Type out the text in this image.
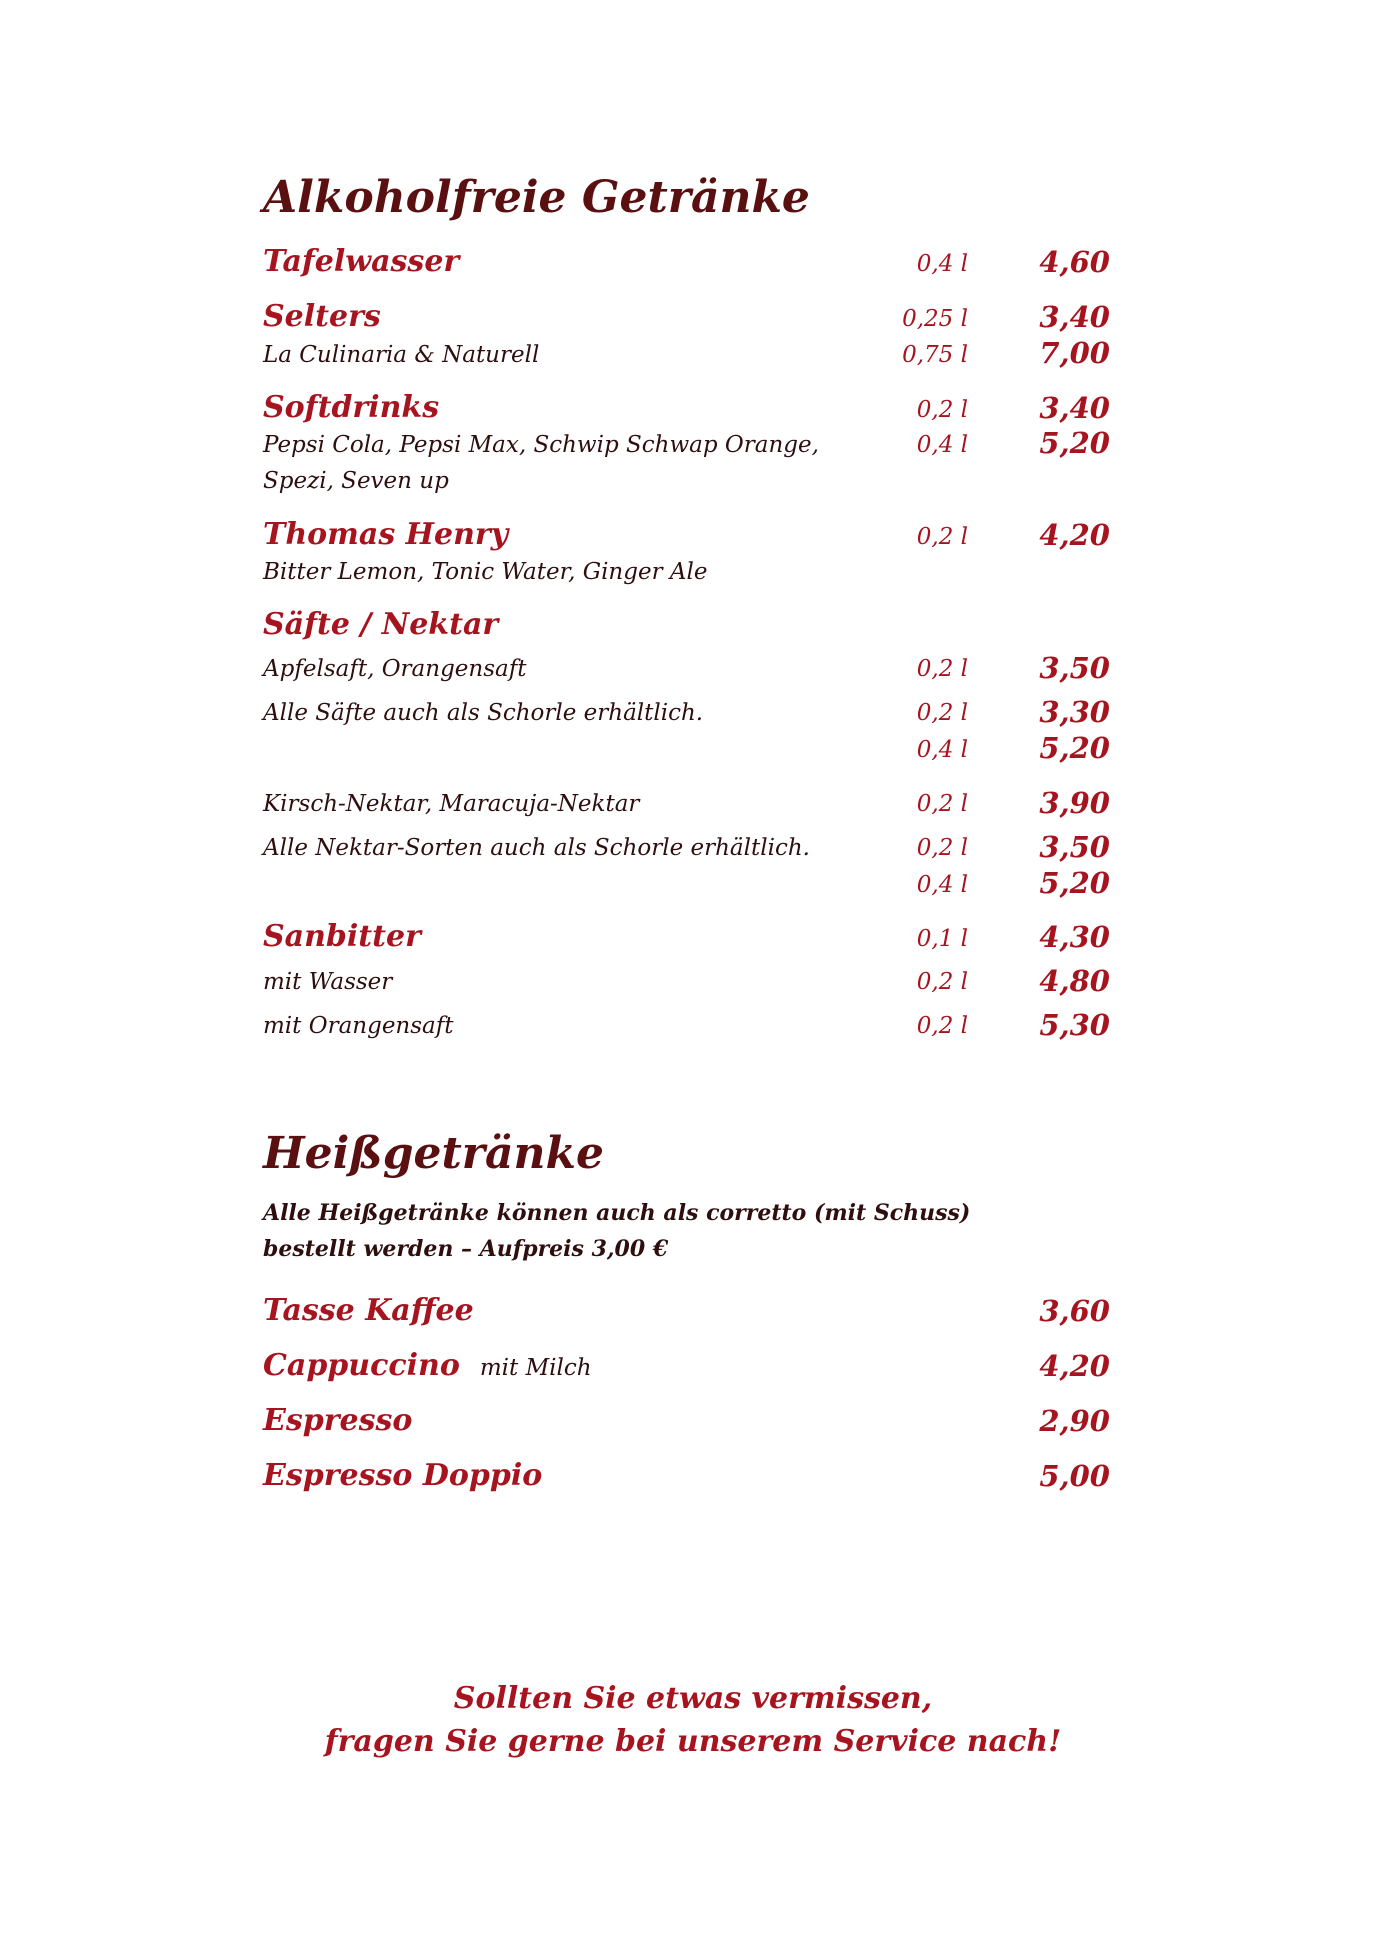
Alkoholfreie Getränke
Tafelwasser	0,4 l 4,60
Selters	0,25 l 3,40
La Culinaria & Naturell	0,75 l 7,00
Softdrinks	0,2 l 3,40
Pepsi Cola, Pepsi Max, Schwip Schwap Orange,	0,4 l 5,20
Spezi, Seven up
Thomas Henry	0,2 l 4,20
Bitter Lemon, Tonic Water, Ginger Ale
Säfte / Nektar
Apfelsaft, Orangensaft	0,2 l 3,50
Alle Säfte auch als Schorle erhältlich.	0,2 l 3,30
0,4 l 5,20
Kirsch-Nektar, Maracuja-Nektar	0,2 l 3,90
Alle Nektar-Sorten auch als Schorle erhältlich.	0,2 l 3,50
0,4 l 5,20
Sanbitter	0,1 l 4,30
mit Wasser	0,2 l 4,80
mit Orangensaft	0,2 l 5,30
Heißgetränke
Alle Heißgetränke können auch als corretto (mit Schuss)
bestellt werden – Aufpreis 3,00 €
Tasse Kaffee	3,60
Cappuccino mit Milch	4,20
Espresso	2,90
Espresso Doppio	5,00
Sollten Sie etwas vermissen,
fragen Sie gerne bei unserem Service nach!
